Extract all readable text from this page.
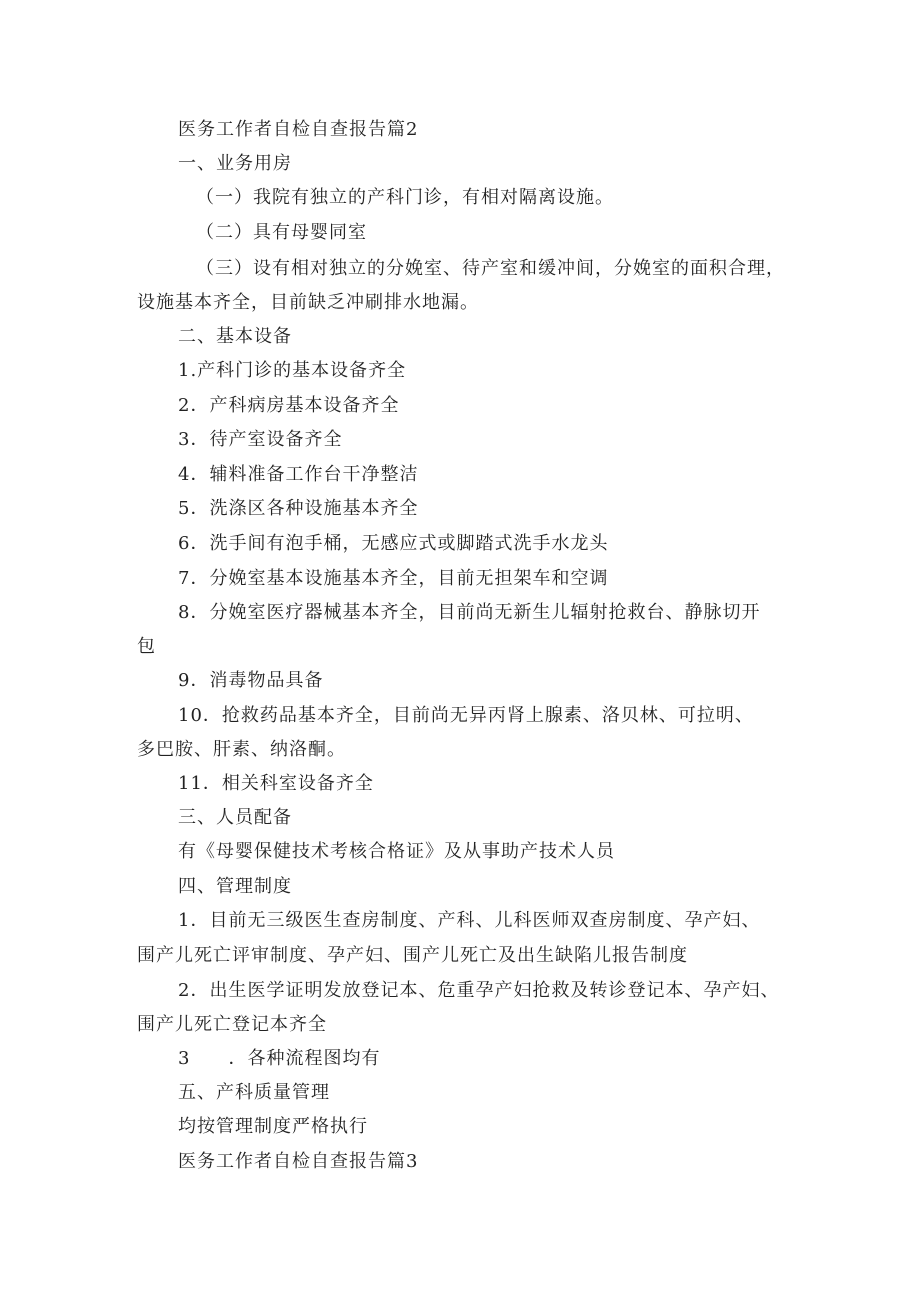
医务工作者自检自查报告篇2
一、业务用房
（一）我院有独立的产科门诊，有相对隔离设施。
（二）具有母婴同室
（三）设有相对独立的分娩室、待产室和缓冲间，分娩室的面积合理，
设施基本齐全，目前缺乏冲刷排水地漏。
二、基本设备
1.产科门诊的基本设备齐全
2．产科病房基本设备齐全
3．待产室设备齐全
4．辅料准备工作台干净整洁
5．洗涤区各种设施基本齐全
6．洗手间有泡手桶，无感应式或脚踏式洗手水龙头
7．分娩室基本设施基本齐全，目前无担架车和空调
8．分娩室医疗器械基本齐全，目前尚无新生儿辐射抢救台、静脉切开
包
9．消毒物品具备
10．抢救药品基本齐全，目前尚无异丙肾上腺素、洛贝林、可拉明、
多巴胺、肝素、纳洛酮。
11．相关科室设备齐全
三、人员配备
有《母婴保健技术考核合格证》及从事助产技术人员
四、管理制度
1．目前无三级医生查房制度、产科、儿科医师双查房制度、孕产妇、
围产儿死亡评审制度、孕产妇、围产儿死亡及出生缺陷儿报告制度
2．出生医学证明发放登记本、危重孕产妇抢救及转诊登记本、孕产妇、
围产儿死亡登记本齐全
3　　．各种流程图均有
五、产科质量管理
均按管理制度严格执行
医务工作者自检自查报告篇3
